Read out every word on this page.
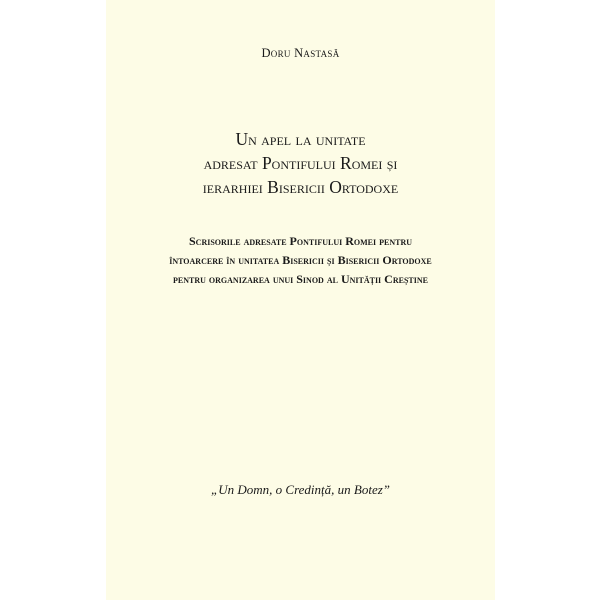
Doru Nastasă
Un apel la unitate
adresat Pontifului Romei și
ierarhiei Bisericii Ortodoxe
Scrisorile adresate Pontifului Romei pentru
întoarcere în unitatea Bisericii și Bisericii Ortodoxe
pentru organizarea unui Sinod al Unității Creștine
„Un Domn, o Credință, un Botez”
